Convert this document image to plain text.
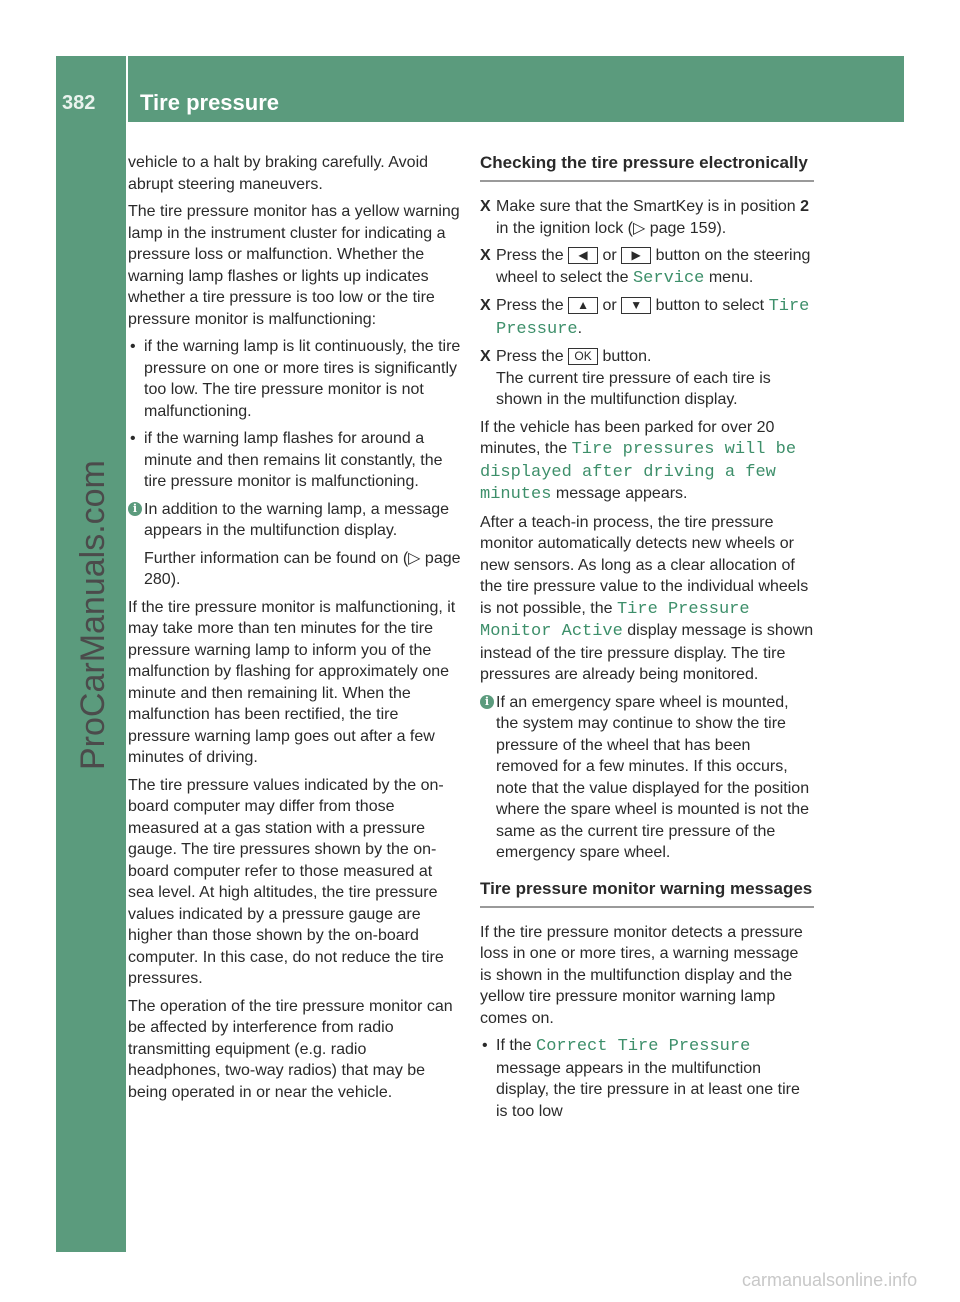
382	Tire pressure
ProCarManuals.com
carmanualsonline.info

vehicle to a halt by braking carefully. Avoid abrupt steering maneuvers.

The tire pressure monitor has a yellow warning lamp in the instrument cluster for indicating a pressure loss or malfunction. Whether the warning lamp flashes or lights up indicates whether a tire pressure is too low or the tire pressure monitor is malfunctioning:

• if the warning lamp is lit continuously, the tire pressure on one or more tires is significantly too low. The tire pressure monitor is not malfunctioning.
• if the warning lamp flashes for around a minute and then remains lit constantly, the tire pressure monitor is malfunctioning.
i In addition to the warning lamp, a message appears in the multifunction display.

Further information can be found on (▷ page 280).

If the tire pressure monitor is malfunctioning, it may take more than ten minutes for the tire pressure warning lamp to inform you of the malfunction by flashing for approximately one minute and then remaining lit. When the malfunction has been rectified, the tire pressure warning lamp goes out after a few minutes of driving.

The tire pressure values indicated by the on-board computer may differ from those measured at a gas station with a pressure gauge. The tire pressures shown by the on-board computer refer to those measured at sea level. At high altitudes, the tire pressure values indicated by a pressure gauge are higher than those shown by the on-board computer. In this case, do not reduce the tire pressures.

The operation of the tire pressure monitor can be affected by interference from radio transmitting equipment (e.g. radio headphones, two-way radios) that may be being operated in or near the vehicle.

Checking the tire pressure electronically
X Make sure that the SmartKey is in position 2 in the ignition lock (▷ page 159).
X Press the ◀ or ▶ button on the steering wheel to select the Service menu.
X Press the ▲ or ▼ button to select Tire Pressure.
X Press the OK button.
The current tire pressure of each tire is shown in the multifunction display.

If the vehicle has been parked for over 20 minutes, the Tire pressures will be displayed after driving a few minutes message appears.

After a teach-in process, the tire pressure monitor automatically detects new wheels or new sensors. As long as a clear allocation of the tire pressure value to the individual wheels is not possible, the Tire Pressure Monitor Active display message is shown instead of the tire pressure display. The tire pressures are already being monitored.

i If an emergency spare wheel is mounted, the system may continue to show the tire pressure of the wheel that has been removed for a few minutes. If this occurs, note that the value displayed for the position where the spare wheel is mounted is not the same as the current tire pressure of the emergency spare wheel.

Tire pressure monitor warning messages

If the tire pressure monitor detects a pressure loss in one or more tires, a warning message is shown in the multifunction display and the yellow tire pressure monitor warning lamp comes on.

• If the Correct Tire Pressure message appears in the multifunction display, the tire pressure in at least one tire is too low
